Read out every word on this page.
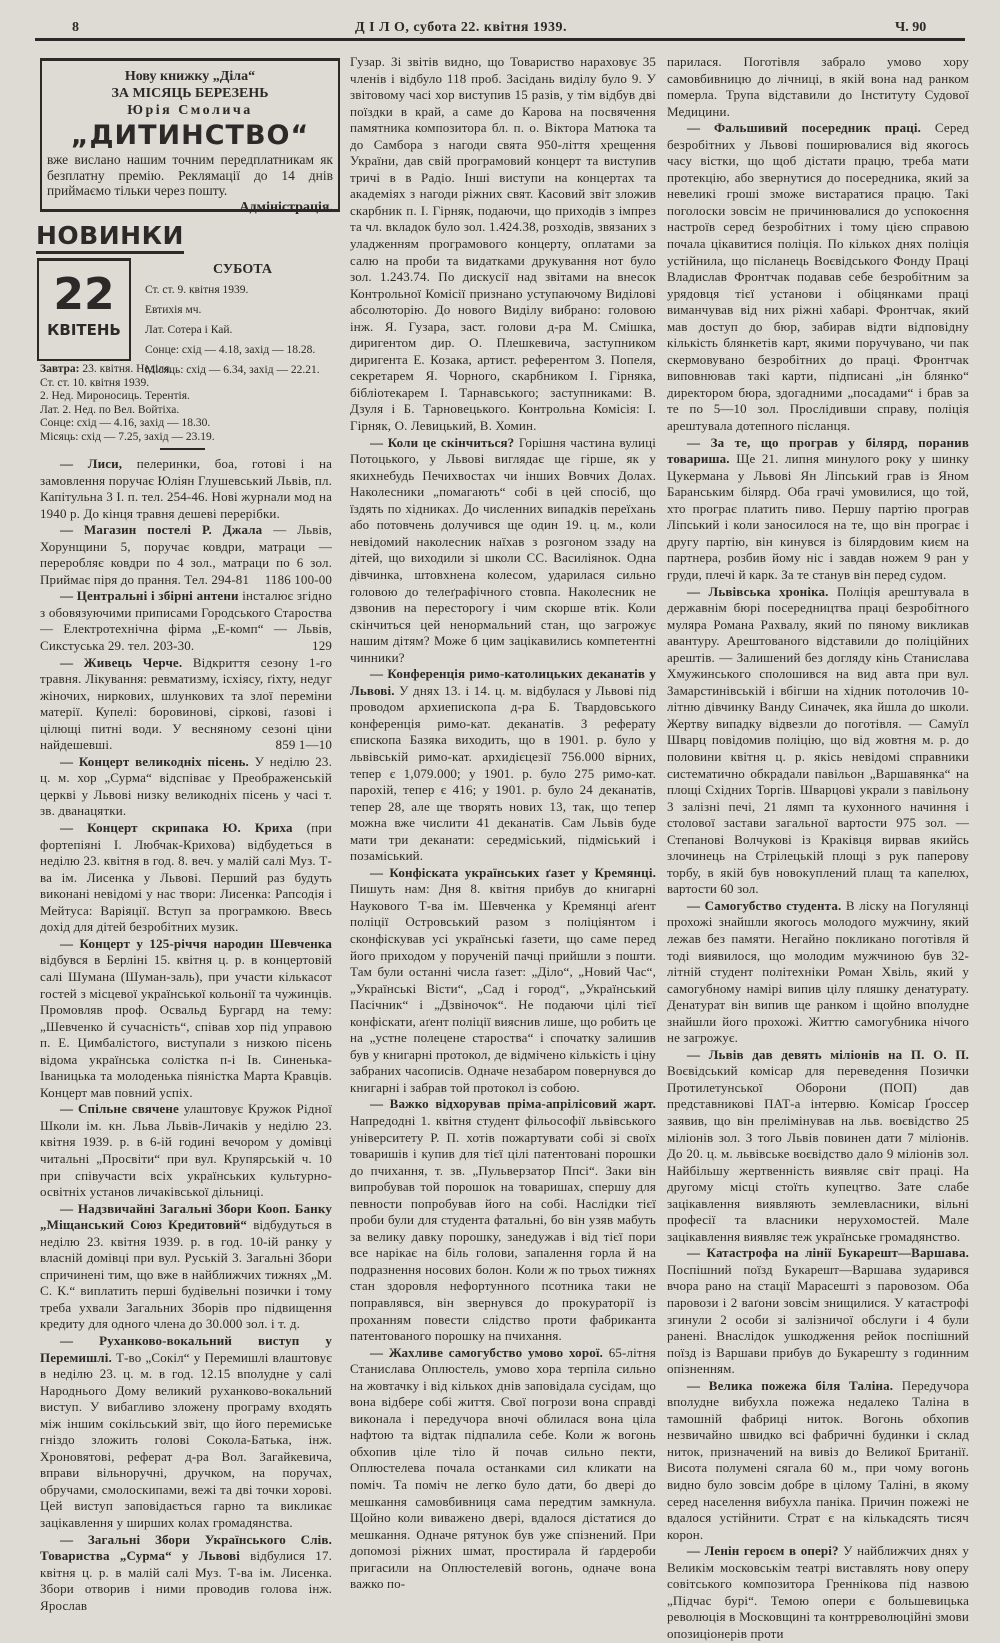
8	Д І Л О, субота 22. квітня 1939.	Ч. 90
Нову книжку „Діла“
ЗА МІСЯЦЬ БЕРЕЗЕНЬ
Юрія Смолича
„ДИТИНСТВО“
вже вислано нашим точним передплатникам як безплатну премію. Реклямації до 14 днів приймаємо тільки через пошту.
Адміністрація.
НОВИНКИ
22
КВІТЕНЬ
СУБОТА
Ст. ст. 9. квітня 1939.
Евтихія мч.
Лат. Сотера і Кай.
Сонце: схід — 4.18, захід — 18.28.
Місяць: схід — 6.34, захід — 22.21.
Завтра: 23. квітня. Неділя.
Ст. ст. 10. квітня 1939.
2. Нед. Мироносиць. Терентія.
Лат. 2. Нед. по Вел. Войтіха.
Сонце: схід — 4.16, захід — 18.30.
Місяць: схід — 7.25, захід — 23.19.

— Лиси, пелеринки, боа, готові і на замовлення поручає Юліян Глушевський Львів, пл. Капітульна 3 І. п. тел. 254-46. Нові журнали мод на 1940 р. До кінця травня дешеві перерібки.

— Магазин постелі Р. Джала — Львів, Хорунщини 5, поручає ковдри, матраци — переробляє ковдри по 4 зол., матраци по 6 зол. Приймає піря до прання. Тел. 294-81 1186 100-00

— Центральні і збірні антени інсталює згідно з обовязуючими приписами Городського Староства — Електротехнічна фірма „Е-комп“ — Львів, Сикстуська 29. тел. 203-30.	129

— Живець Черче. Відкриття сезону 1-го травня. Лікування: ревматизму, ісхіясу, ґіхту, недуг жіночих, ниркових, шлункових та злої переміни матерії. Купелі: боровинові, сіркові, ґазові і цілющі питні води. У весняному сезоні ціни найдешевші.	859 1—10

— Концерт великодніх пісень. У неділю 23. ц. м. хор „Сурма“ відспіває у Преображенській церкві у Львові низку великодніх пісень у часі т. зв. дванацятки.

— Концерт скрипака Ю. Криха (при фортепіяні І. Любчак-Крихова) відбудеться в неділю 23. квітня в год. 8. веч. у малій салі Муз. Т-ва ім. Лисенка у Львові. Перший раз будуть виконані невідомі у нас твори: Лисенка: Рапсодія і Мейтуса: Варіяції. Вступ за програмкою. Ввесь дохід для дітей безробітних музик.

— Концерт у 125-річчя народин Шевченка відбувся в Берліні 15. квітня ц. р. в концертовій салі Шумана (Шуман-заль), при участи кількасот гостей з місцевої української кольонії та чужинців. Промовляв проф. Освальд Бургард на тему: „Шевченко й сучасність“, співав хор під управою п. Е. Цимбалістого, виступали з низкою пісень відома українська солістка п-і Ів. Синенька-Іваницька та молоденька піяністка Марта Кравців. Концерт мав повний успіх.

— Спільне свячене улаштовує Кружок Рідної Школи ім. кн. Льва Львів-Личаків у неділю 23. квітня 1939. р. в 6-ій годині вечором у домівці читальні „Просвіти“ при вул. Крупярській ч. 10 при співучасти всіх українських культурно-освітніх установ личаківської дільниці.

— Надзвичайні Загальні Збори Кооп. Банку „Міщанський Союз Кредитовий“ відбудуться в неділю 23. квітня 1939. р. в год. 10-ій ранку у власній домівці при вул. Руській 3. Загальні Збори спричинені тим, що вже в найближчих тижнях „М. С. К.“ виплатить перші будівельні позички і тому треба ухвали Загальних Зборів про підвищення кредиту для одного члена до 30.000 зол. і т. д.

— Руханково-вокальний виступ у Перемишлі. Т-во „Сокіл“ у Перемишлі влаштовує в неділю 23. ц. м. в год. 12.15 вполудне у салі Народнього Дому великий руханково-вокальний виступ. У вибагливо зложену програму входять між іншим сокільський звіт, що його перемиське гніздо зложить голові Сокола-Батька, інж. Хроновятові, реферат д-ра Вол. Загайкевича, вправи вільноручні, дручком, на поручах, обручами, смолоскипами, вежі та дві точки хорові. Цей виступ заповідається гарно та викликає зацікавлення у ширших колах громадянства.

— Загальні Збори Українського Слів. Товариства „Сурма“ у Львові відбулися 17. квітня ц. р. в малій салі Муз. Т-ва ім. Лисенка. Збори отворив і ними проводив голова інж. Ярослав

Гузар. Зі звітів видно, що Товариство нараховує 35 членів і відбуло 118 проб. Засідань виділу було 9. У звітовому часі хор виступив 15 разів, у тім відбув дві поїздки в край, а саме до Карова на посвячення памятника композитора бл. п. о. Віктора Матюка та до Самбора з нагоди свята 950-ліття хрещення України, дав свій програмовий концерт та виступив тричі в в Радіо. Інші виступи на концертах та академіях з нагоди ріжних свят. Касовий звіт зложив скарбник п. І. Гірняк, подаючи, що приходів з імпрез та чл. вкладок було зол. 1.424.38, розходів, звязаних з уладженням програмового концерту, оплатами за салю на проби та видатками друкування нот було зол. 1.243.74. По дискусії над звітами на внесок Контрольної Комісії признано уступаючому Виділові абсолюторію. До нового Виділу вибрано: головою інж. Я. Гузара, заст. голови д-ра М. Смішка, диригентом дир. О. Плешкевича, заступником диригента Е. Козака, артист. референтом З. Попеля, секретарем Я. Чорного, скарбником І. Гірняка, бібліотекарем І. Тарнавського; заступниками: В. Дзуля і Б. Тарновецького. Контрольна Комісія: І. Гірняк, О. Левицький, В. Хомин.

— Коли це скінчиться? Горішня частина вулиці Потоцького, у Львові виглядає ще гірше, як у якихнебудь Печихвостах чи інших Вовчих Долах. Наколесники „помагають“ собі в цей спосіб, що їздять по хідниках. До численних випадків переїхань або потовчень долучився ще один 19. ц. м., коли невідомий наколесник наїхав з розгоном ззаду на дітей, що виходили зі школи СС. Василіянок. Одна дівчинка, штовхнена колесом, ударилася сильно головою до телеґрафічного стовпа. Наколесник не дзвонив на пересторогу і чим скорше втік. Коли скінчиться цей ненормальний стан, що загрожує нашим дітям? Може б цим зацікавились компетентні чинники?

— Конференція римо-католицьких деканатів у Львові. У днях 13. і 14. ц. м. відбулася у Львові під проводом архиепископа д-ра Б. Твардовського конференція римо-кат. деканатів. З реферату єпископа Базяка виходить, що в 1901. р. було у львівській римо-кат. архидієцезії 756.000 вірних, тепер є 1,079.000; у 1901. р. було 275 римо-кат. парохій, тепер є 416; у 1901. р. було 24 деканатів, тепер 28, але ще творять нових 13, так, що тепер можна вже числити 41 деканатів. Сам Львів буде мати три деканати: середміський, підміський і позаміський.

— Конфіската українських ґазет у Кремянці. Пишуть нам: Дня 8. квітня прибув до книгарні Наукового Т-ва ім. Шевченка у Кремянці аґент поліції Островський разом з поліціянтом і сконфіскував усі українські ґазети, що саме перед його приходом у порученій пачці прийшли з пошти. Там були останні числа ґазет: „Діло“, „Новий Час“, „Українські Вісти“, „Сад і город“, „Український Пасічник“ і „Дзвіночок“. Не подаючи цілі тієї конфіскати, аґент поліції вияснив лише, що робить це на „устне полецене староства“ і спочатку залишив був у книгарні протокол, де відмічено кількість і ціну забраних часописів. Одначе незабаром повернувся до книгарні і забрав той протокол із собою.

— Важко відхорував пріма-апрілісовий жарт. Напредодні 1. квітня студент фільософії львівського університету Р. П. хотів пожартувати собі зі своїх товаришів і купив для тієї цілі патентовані порошки до пчихання, т. зв. „Пульверзатор Ппсі“. Заки він випробував той порошок на товаришах, спершу для певности попробував його на собі. Наслідки тієї проби були для студента фатальні, бо він узяв мабуть за велику давку порошку, занедужав і від тієї пори все нарікає на біль голови, запалення горла й на подразнення носових болон. Коли ж по трьох тижнях стан здоровля нефортунного псотника таки не поправлявся, він звернувся до прокураторії із проханням повести слідство проти фабриканта патентованого порошку на пчихання.

— Жахливе самогубство умово хорої. 65-літня Станислава Оплюстель, умово хора терпіла сильно на жовтачку і від кількох днів заповідала сусідам, що вона відбере собі життя. Свої погрози вона справді виконала і передучора вночі облилася вона ціла нафтою та відтак підпалила себе. Коли ж вогонь обхопив ціле тіло й почав сильно пекти, Оплюстелева почала останками сил кликати на поміч. Та поміч не легко було дати, бо двері до мешкання самовбивниця сама передтим замкнула. Щойно коли виважено двері, вдалося дістатися до мешкання. Одначе рятунок був уже спізнений. При допомозі ріжних шмат, простирала й ґардероби пригасили на Оплюстелевій вогонь, одначе вона важко по-

парилася. Поготівля забрало умово хору самовбивницю до лічниці, в якій вона над ранком померла. Трупа відставили до Інституту Судової Медицини.

— Фальшивий посередник праці. Серед безробітних у Львові поширювалися від якогось часу вістки, що щоб дістати працю, треба мати протекцію, або звернутися до посередника, який за невеликі гроші зможе вистаратися працю. Такі поголоски зовсім не причинювалися до успокоєння настроїв серед безробітних і тому цією справою почала цікавитися поліція. По кількох днях поліція устійнила, що післанець Воєвідського Фонду Праці Владислав Фронтчак подавав себе безробітним за урядовця тієї установи і обіцянками праці виманчував від них ріжні хабарі. Фронтчак, який мав доступ до бюр, забирав відти відповідну кількість блянкетів карт, якими поручувано, чи пак скермовувано безробітних до праці. Фронтчак виповнював такі карти, підписані „ін блянко“ директором бюра, здогадними „посадами“ і брав за те по 5—10 зол. Прослідивши справу, поліція арештувала дотепного післанця.

— За те, що програв у білярд, поранив товариша. Ще 21. липня минулого року у шинку Цукермана у Львові Ян Ліпський грав із Яном Баранським білярд. Оба грачі умовилися, що той, хто програє платить пиво. Першу партію програв Ліпський і коли заносилося на те, що він програє і другу партію, він кинувся із білярдовим києм на партнера, розбив йому ніс і завдав ножем 9 ран у груди, плечі й карк. За те станув він перед судом.

— Львівська хроніка. Поліція арештувала в державнім бюрі посередництва праці безробітного муляра Романа Рахвалу, який по пяному викликав авантуру. Арештованого відставили до поліційних арештів. — Залишений без догляду кінь Станислава Хмужинського сполошився на вид авта при вул. Замарстинівській і вбігши на хідник потолочив 10-літню дівчинку Ванду Синачек, яка йшла до школи. Жертву випадку відвезли до поготівля. — Самуїл Шварц повідомив поліцію, що від жовтня м. р. до половини квітня ц. р. якісь невідомі справники систематично обкрадали павільон „Варшавянка“ на площі Східних Торгів. Шварцові украли з павільону 3 залізні печі, 21 лямп та кухонного начиння і столової застави загальної вартости 975 зол. — Степанові Волчукові із Краківця вирвав якийсь злочинець на Стрілецькій площі з рук паперову торбу, в якій був новокуплений плащ та капелюх, вартости 60 зол.

— Самогубство студента. В ліску на Погулянці прохожі знайшли якогось молодого мужчину, який лежав без памяти. Негайно покликано поготівля й тоді виявилося, що молодим мужчиною був 32-літній студент політехніки Роман Хвіль, який у самогубному намірі випив цілу пляшку денатурату. Денатурат він випив ще ранком і щойно вполудне знайшли його прохожі. Життю самогубника нічого не загрожує.

— Львів дав девять міліонів на П. О. П. Воєвідський комісар для переведення Позички Протилетунської Оборони (ПОП) дав представникові ПАТ-а інтервю. Комісар Ґроссер заявив, що він прелімінував на льв. воєвідство 25 міліонів зол. З того Львів повинен дати 7 міліонів. До 20. ц. м. львівське воєвідство дало 9 міліонів зол. Найбільшу жертвенність виявляє світ праці. На другому місці стоїть купецтво. Зате слабе зацікавлення виявляють землевласники, вільні професії та власники нерухомостей. Мале зацікавлення виявляє теж українське громадянство.

— Катастрофа на лінії Букарешт—Варшава. Поспішний поїзд Букарешт—Варшава зударився вчора рано на стації Марасешті з паровозом. Оба паровози і 2 ваґони зовсім знищилися. У катастрофі згинули 2 особи зі залізничої обслуги і 4 були ранені. Внаслідок ушкодження рейок поспішний поїзд із Варшави прибув до Букарешту з годинним опізненням.

— Велика пожежа біля Таліна. Передучора вполудне вибухла пожежа недалеко Таліна в тамошній фабриці ниток. Вогонь обхопив незвичайно швидко всі фабричні будинки і склад ниток, призначений на вивіз до Великої Британії. Висота полумені сягала 60 м., при чому вогонь видно було зовсім добре в цілому Таліні, в якому серед населення вибухла паніка. Причин пожежі не вдалося устійнити. Страт є на кількадсять тисяч корон.

— Ленін героєм в опері? У найближчих днях у Великім московськім театрі виставлять нову оперу совітського композитора Греннікова під назвою „Підчас бурі“. Темою опери є большевицька революція в Московщині та контрреволюційні змови опозиціонерів проти
